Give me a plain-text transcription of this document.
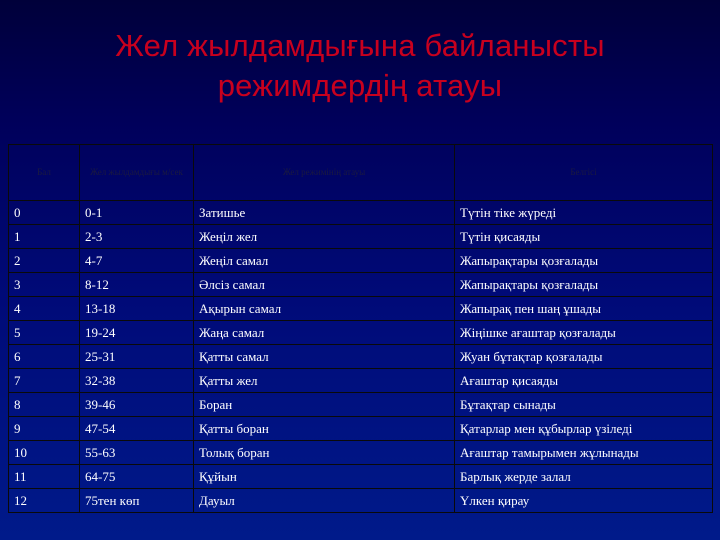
Жел жылдамдығына байланысты
режимдердің атауы
Бал	Жел жылдамдығы м/сек	Жел режимінің атауы	Белгісі
0	0-1	Затишье	Түтін тіке жүреді
1	2-3	Жеңіл жел	Түтін қисаяды
2	4-7	Жеңіл самал	Жапырақтары қозғалады
3	8-12	Әлсіз самал	Жапырақтары қозғалады
4	13-18	Ақырын самал	Жапырақ пен шаң ұшады
5	19-24	Жаңа самал	Жіңішке ағаштар қозғалады
6	25-31	Қатты самал	Жуан бұтақтар қозғалады
7	32-38	Қатты жел	Ағаштар қисаяды
8	39-46	Боран	Бұтақтар сынады
9	47-54	Қатты боран	Қатарлар мен құбырлар үзіледі
10	55-63	Толық боран	Ағаштар тамырымен жұлынады
11	64-75	Құйын	Барлық жерде залал
12	75тен көп	Дауыл	Үлкен қирау
